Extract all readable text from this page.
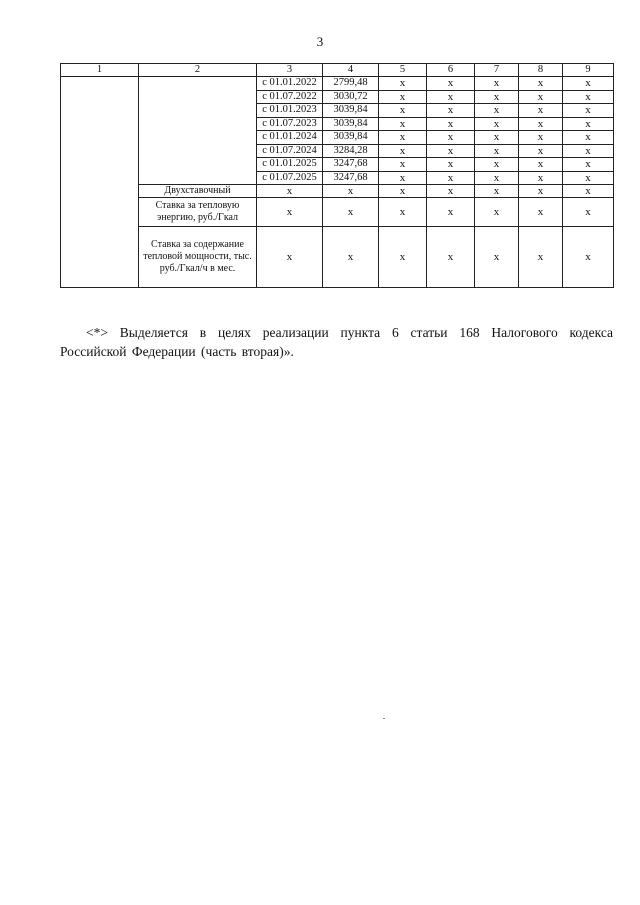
3
1	2	3	4	5	6	7	8	9
		с 01.01.2022	2799,48	х	х	х	х	х
		с 01.07.2022	3030,72	х	х	х	х	х
		с 01.01.2023	3039,84	х	х	х	х	х
		с 01.07.2023	3039,84	х	х	х	х	х
		с 01.01.2024	3039,84	х	х	х	х	х
		с 01.07.2024	3284,28	х	х	х	х	х
		с 01.01.2025	3247,68	х	х	х	х	х
		с 01.07.2025	3247,68	х	х	х	х	х
	Двухставочный	х	х	х	х	х	х	х
	Ставка за тепловую энергию, руб./Гкал	х	х	х	х	х	х	х
	Ставка за содержание тепловой мощности, тыс. руб./Гкал/ч в мес.	х	х	х	х	х	х	х
<*> Выделяется в целях реализации пункта 6 статьи 168 Налогового кодекса
Российской Федерации (часть вторая)».
